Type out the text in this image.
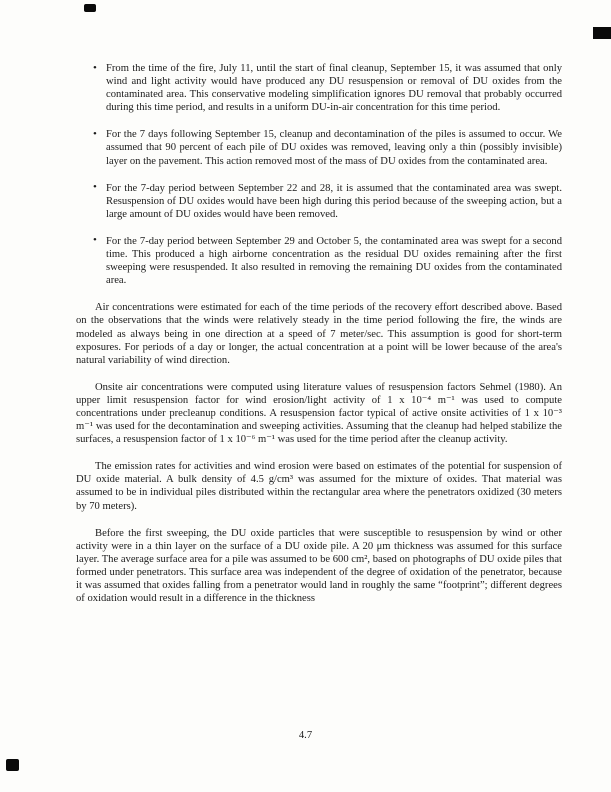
• From the time of the fire, July 11, until the start of final cleanup, September 15, it was assumed that only wind and light activity would have produced any DU resuspension or removal of DU oxides from the contaminated area. This conservative modeling simplification ignores DU removal that probably occurred during this time period, and results in a uniform DU-in-air concentration for this time period.
• For the 7 days following September 15, cleanup and decontamination of the piles is assumed to occur. We assumed that 90 percent of each pile of DU oxides was removed, leaving only a thin (possibly invisible) layer on the pavement. This action removed most of the mass of DU oxides from the contaminated area.
• For the 7-day period between September 22 and 28, it is assumed that the contaminated area was swept. Resuspension of DU oxides would have been high during this period because of the sweeping action, but a large amount of DU oxides would have been removed.
• For the 7-day period between September 29 and October 5, the contaminated area was swept for a second time. This produced a high airborne concentration as the residual DU oxides remaining after the first sweeping were resuspended. It also resulted in removing the remaining DU oxides from the contaminated area.

Air concentrations were estimated for each of the time periods of the recovery effort described above. Based on the observations that the winds were relatively steady in the time period following the fire, the winds are modeled as always being in one direction at a speed of 7 meter/sec. This assumption is good for short-term exposures. For periods of a day or longer, the actual concentration at a point will be lower because of the area's natural variability of wind direction.

Onsite air concentrations were computed using literature values of resuspension factors Sehmel (1980). An upper limit resuspension factor for wind erosion/light activity of 1 x 10⁻⁴ m⁻¹ was used to compute concentrations under precleanup conditions. A resuspension factor typical of active onsite activities of 1 x 10⁻³ m⁻¹ was used for the decontamination and sweeping activities. Assuming that the cleanup had helped stabilize the surfaces, a resuspension factor of 1 x 10⁻⁶ m⁻¹ was used for the time period after the cleanup activity.

The emission rates for activities and wind erosion were based on estimates of the potential for suspension of DU oxide material. A bulk density of 4.5 g/cm³ was assumed for the mixture of oxides. That material was assumed to be in individual piles distributed within the rectangular area where the penetrators oxidized (30 meters by 70 meters).

Before the first sweeping, the DU oxide particles that were susceptible to resuspension by wind or other activity were in a thin layer on the surface of a DU oxide pile. A 20 μm thickness was assumed for this surface layer. The average surface area for a pile was assumed to be 600 cm², based on photographs of DU oxide piles that formed under penetrators. This surface area was independent of the degree of oxidation of the penetrator, because it was assumed that oxides falling from a penetrator would land in roughly the same “footprint”; different degrees of oxidation would result in a difference in the thickness

4.7
